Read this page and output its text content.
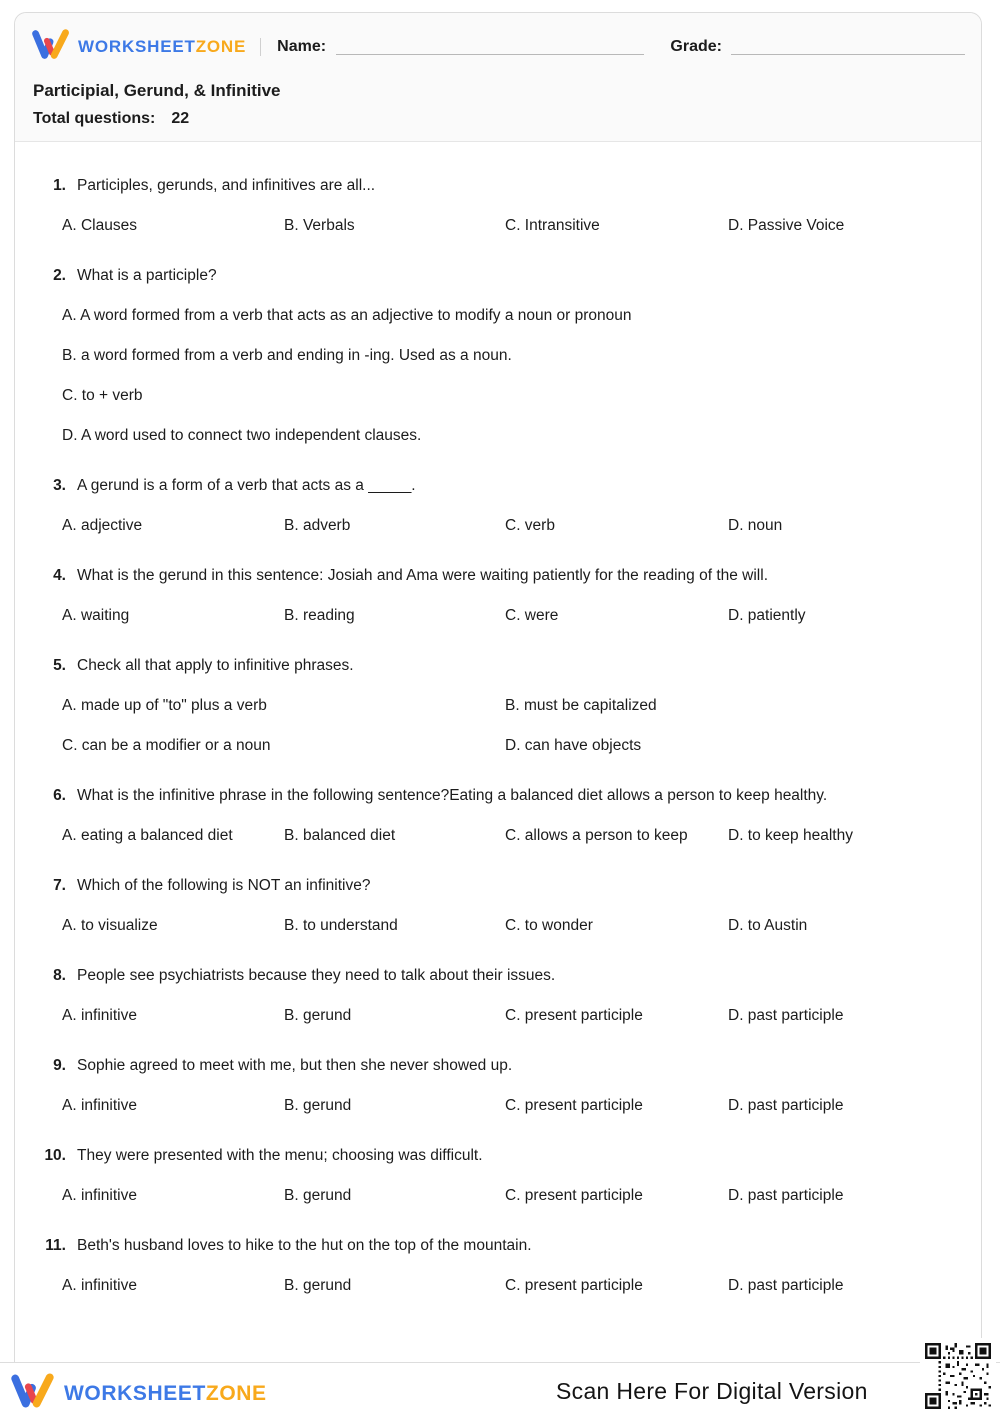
WORKSHEETZONE Name:	Grade:
Participial, Gerund, & Infinitive
Total questions: 22
1. Participles, gerunds, and infinitives are all...
A. Clauses	B. Verbals	C. Intransitive	D. Passive Voice
2. What is a participle?
A. A word formed from a verb that acts as an adjective to modify a noun or pronoun
B. a word formed from a verb and ending in -ing. Used as a noun.
C. to + verb
D. A word used to connect two independent clauses.
3. A gerund is a form of a verb that acts as a _____.
A. adjective	B. adverb	C. verb	D. noun
4. What is the gerund in this sentence: Josiah and Ama were waiting patiently for the reading of the will.
A. waiting	B. reading	C. were	D. patiently
5. Check all that apply to infinitive phrases.
A. made up of "to" plus a verb	B. must be capitalized
C. can be a modifier or a noun	D. can have objects
6. What is the infinitive phrase in the following sentence?Eating a balanced diet allows a person to keep healthy.
A. eating a balanced diet	B. balanced diet	C. allows a person to keep	D. to keep healthy
7. Which of the following is NOT an infinitive?
A. to visualize	B. to understand	C. to wonder	D. to Austin
8. People see psychiatrists because they need to talk about their issues.
A. infinitive	B. gerund	C. present participle	D. past participle
9. Sophie agreed to meet with me, but then she never showed up.
A. infinitive	B. gerund	C. present participle	D. past participle
10. They were presented with the menu; choosing was difficult.
A. infinitive	B. gerund	C. present participle	D. past participle
11. Beth's husband loves to hike to the hut on the top of the mountain.
A. infinitive	B. gerund	C. present participle	D. past participle
WORKSHEETZONE	Scan Here For Digital Version
